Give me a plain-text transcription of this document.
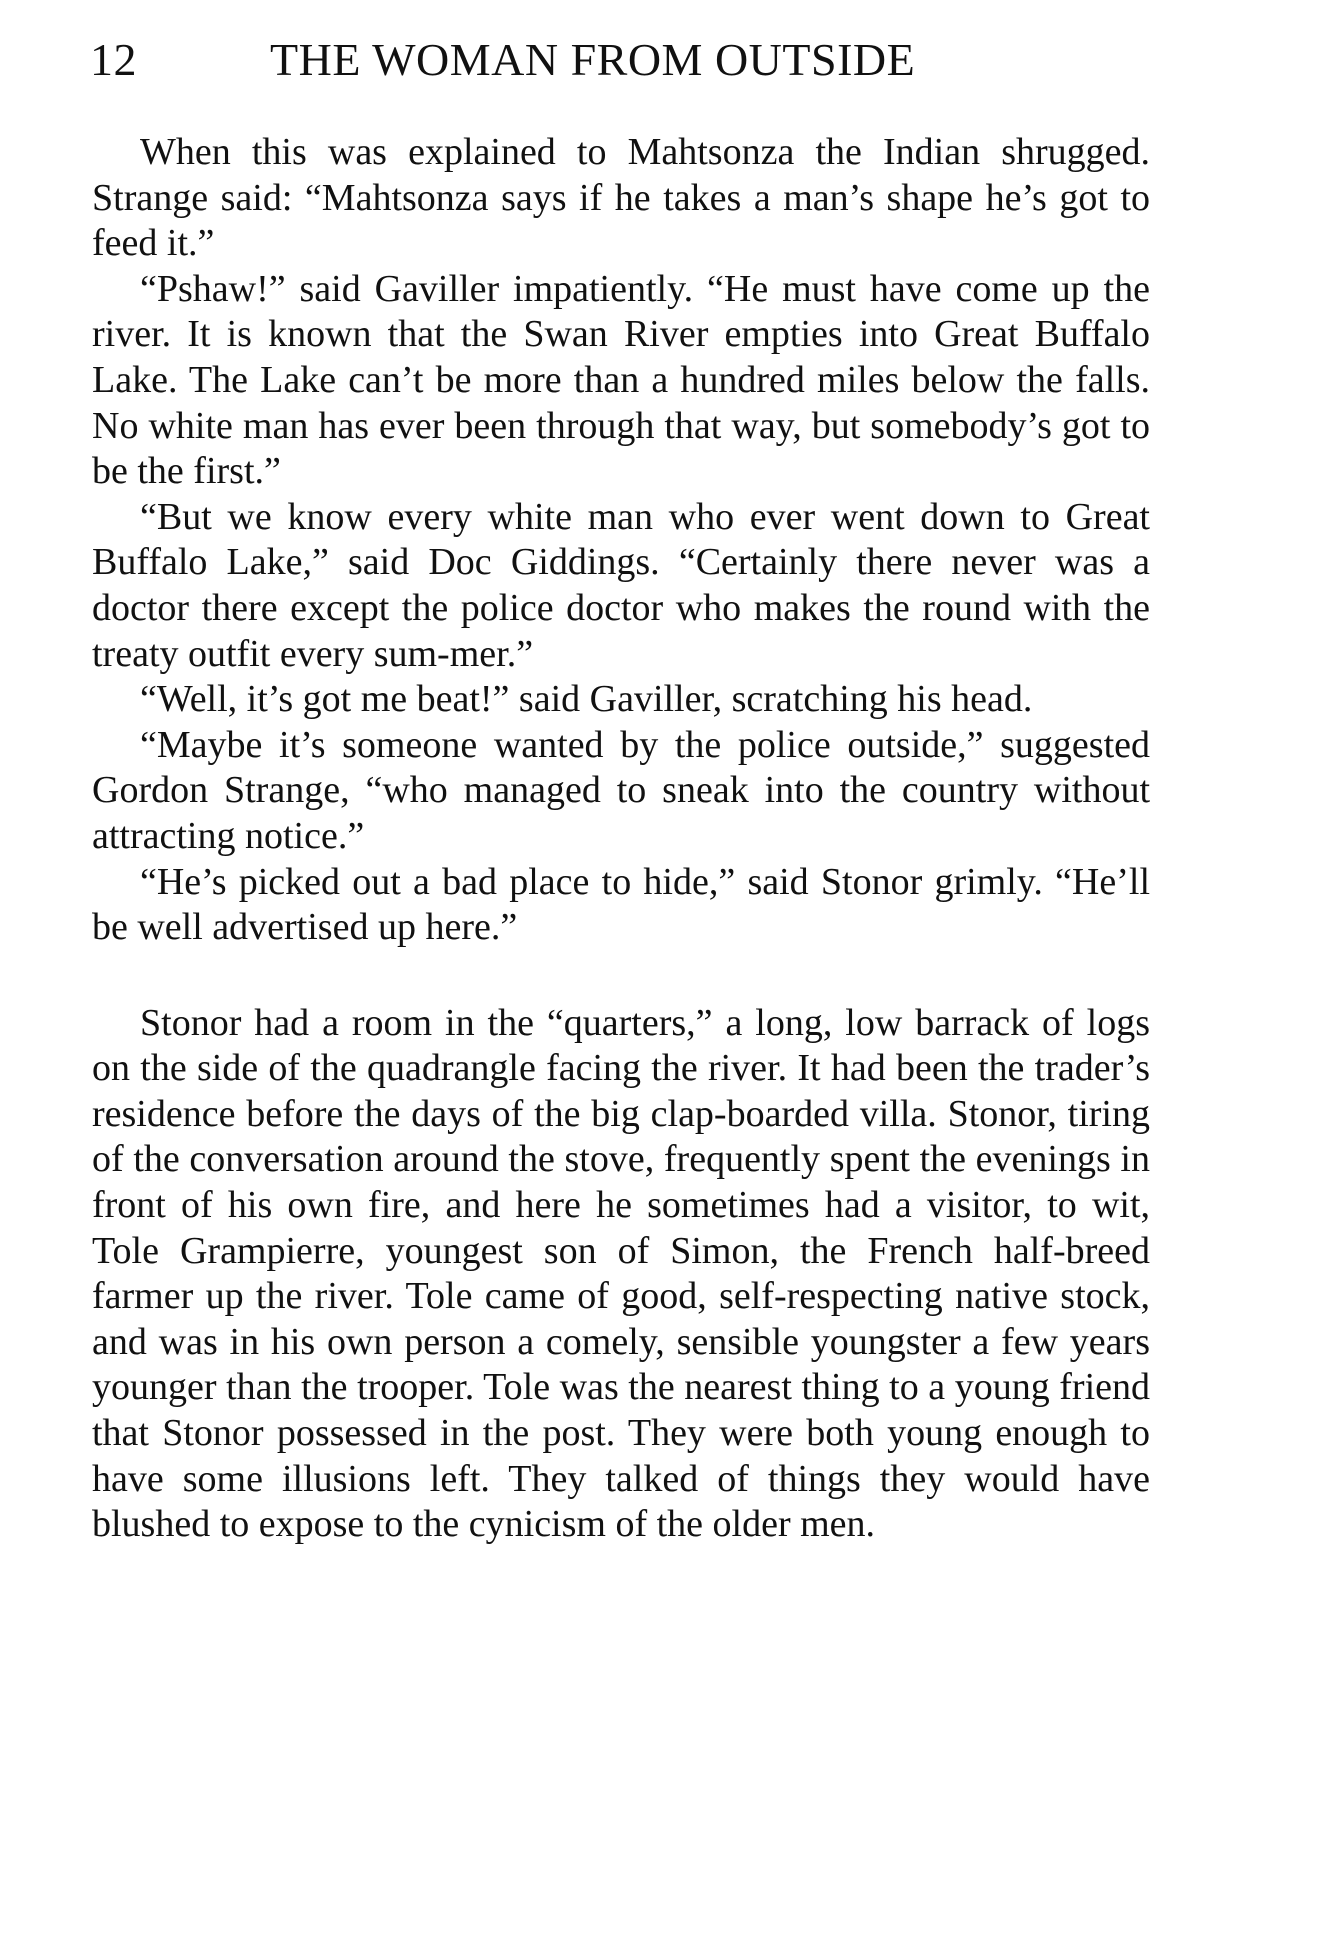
12	THE WOMAN FROM OUTSIDE

When this was explained to Mahtsonza the Indian shrugged. Strange said: “Mahtsonza says if he takes a man’s shape he’s got to feed it.”

“Pshaw!” said Gaviller impatiently. “He must have come up the river. It is known that the Swan River empties into Great Buffalo Lake. The Lake can’t be more than a hundred miles below the falls. No white man has ever been through that way, but somebody’s got to be the first.”

“But we know every white man who ever went down to Great Buffalo Lake,” said Doc Giddings. “Certainly there never was a doctor there except the police doctor who makes the round with the treaty outfit every sum-mer.”

“Well, it’s got me beat!” said Gaviller, scratching his head.

“Maybe it’s someone wanted by the police outside,” suggested Gordon Strange, “who managed to sneak into the country without attracting notice.”

“He’s picked out a bad place to hide,” said Stonor grimly. “He’ll be well advertised up here.”

Stonor had a room in the “quarters,” a long, low barrack of logs on the side of the quadrangle facing the river. It had been the trader’s residence before the days of the big clap-boarded villa. Stonor, tiring of the conversation around the stove, frequently spent the evenings in front of his own fire, and here he sometimes had a visitor, to wit, Tole Grampierre, youngest son of Simon, the French half-breed farmer up the river. Tole came of good, self-respecting native stock, and was in his own person a comely, sensible youngster a few years younger than the trooper. Tole was the nearest thing to a young friend that Stonor possessed in the post. They were both young enough to have some illusions left. They talked of things they would have blushed to expose to the cynicism of the older men.
